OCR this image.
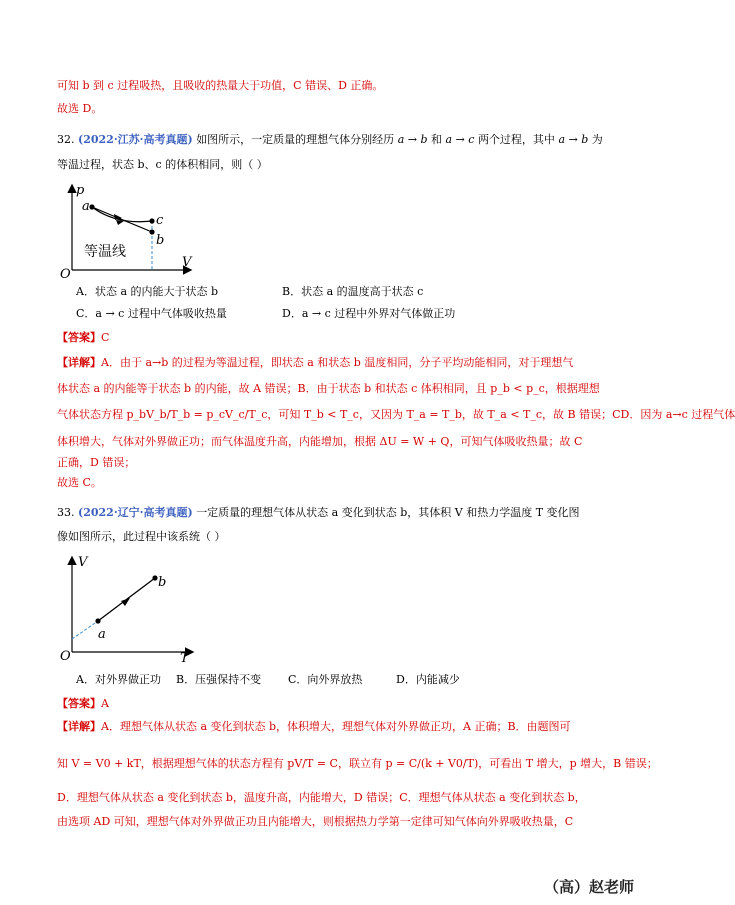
可知 b 到 c 过程吸热，且吸收的热量大于功值，C 错误、D 正确。
故选 D。
32. (2022·江苏·高考真题) 如图所示，一定质量的理想气体分别经历 a → b 和 a → c 两个过程，其中 a → b 为
等温过程，状态 b、c 的体积相同，则（ ）
p
V
O
a
c
b
等温线
A．状态 a 的内能大于状态 b	B．状态 a 的温度高于状态 c
C．a → c 过程中气体吸收热量	D．a → c 过程中外界对气体做正功
【答案】C
【详解】A．由于 a→b 的过程为等温过程，即状态 a 和状态 b 温度相同，分子平均动能相同，对于理想气
体状态 a 的内能等于状态 b 的内能，故 A 错误；B．由于状态 b 和状态 c 体积相同，且 p_b < p_c，根据理想
气体状态方程 p_bV_b/T_b = p_cV_c/T_c，可知 T_b < T_c，又因为 T_a = T_b，故 T_a < T_c，故 B 错误；CD．因为 a→c 过程气体
体积增大，气体对外界做正功；而气体温度升高，内能增加，根据 ΔU = W + Q，可知气体吸收热量；故 C
正确，D 错误；
故选 C。
33. (2022·辽宁·高考真题) 一定质量的理想气体从状态 a 变化到状态 b，其体积 V 和热力学温度 T 变化图
像如图所示，此过程中该系统（ ）
V
T
O
a
b
A．对外界做正功 B．压强保持不变 C．向外界放热	D．内能减少
【答案】A
【详解】A．理想气体从状态 a 变化到状态 b，体积增大，理想气体对外界做正功，A 正确；B．由题图可
知 V = V0 + kT，根据理想气体的状态方程有 pV/T = C，联立有 p = C/(k + V0/T)，可看出 T 增大，p 增大，B 错误；
D．理想气体从状态 a 变化到状态 b，温度升高，内能增大，D 错误；C．理想气体从状态 a 变化到状态 b，
由选项 AD 可知，理想气体对外界做正功且内能增大，则根据热力学第一定律可知气体向外界吸收热量，C
（高）赵老师
